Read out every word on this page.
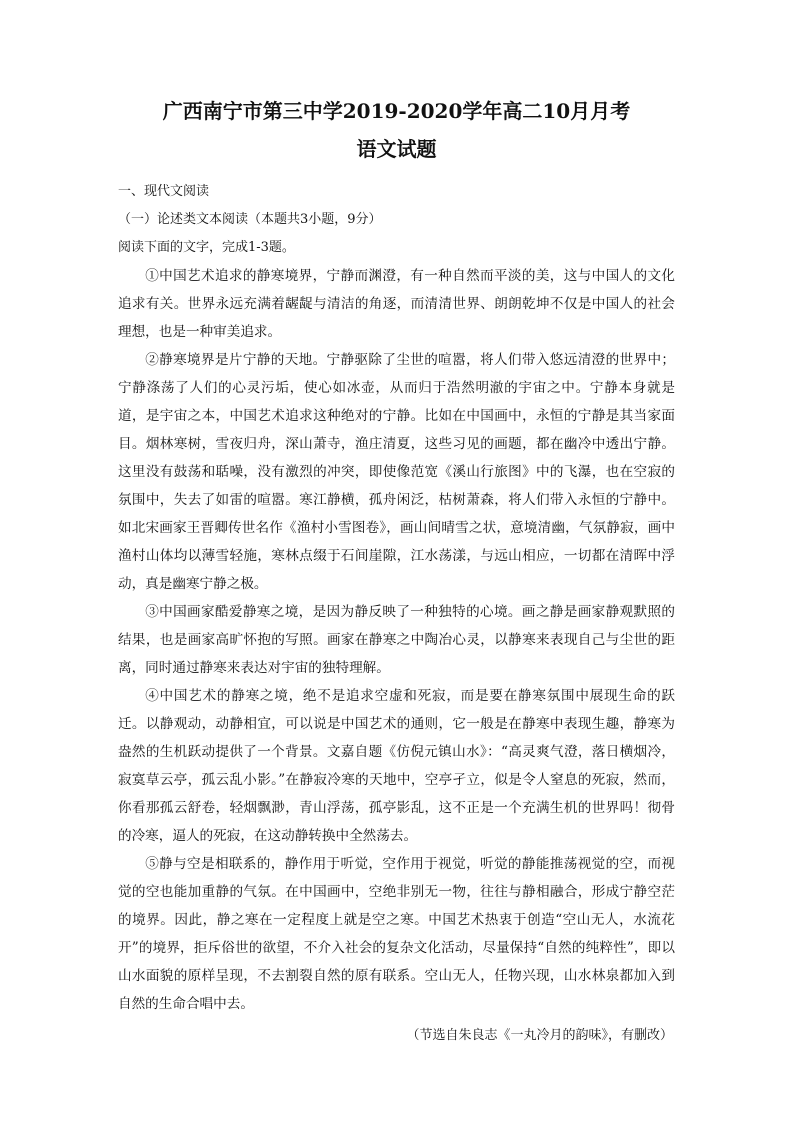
广西南宁市第三中学2019-2020学年高二10月月考
语文试题

一、现代文阅读

（一）论述类文本阅读（本题共3小题，9分）

阅读下面的文字，完成1-3题。

①中国艺术追求的静寒境界，宁静而渊澄，有一种自然而平淡的美，这与中国人的文化追求有关。世界永远充满着龌龊与清洁的角逐，而清清世界、朗朗乾坤不仅是中国人的社会理想，也是一种审美追求。

②静寒境界是片宁静的天地。宁静驱除了尘世的喧嚣，将人们带入悠远清澄的世界中；宁静涤荡了人们的心灵污垢，使心如冰壶，从而归于浩然明澈的宇宙之中。宁静本身就是道，是宇宙之本，中国艺术追求这种绝对的宁静。比如在中国画中，永恒的宁静是其当家面目。烟林寒树，雪夜归舟，深山萧寺，渔庄清夏，这些习见的画题，都在幽冷中透出宁静。这里没有鼓荡和聒噪，没有激烈的冲突，即使像范宽《溪山行旅图》中的飞瀑，也在空寂的氛围中，失去了如雷的喧嚣。寒江静横，孤舟闲泛，枯树萧森，将人们带入永恒的宁静中。如北宋画家王晋卿传世名作《渔村小雪图卷》，画山间晴雪之状，意境清幽，气氛静寂，画中渔村山体均以薄雪轻施，寒林点缀于石间崖隙，江水荡漾，与远山相应，一切都在清晖中浮动，真是幽寒宁静之极。

③中国画家酷爱静寒之境，是因为静反映了一种独特的心境。画之静是画家静观默照的结果，也是画家高旷怀抱的写照。画家在静寒之中陶冶心灵，以静寒来表现自己与尘世的距离，同时通过静寒来表达对宇宙的独特理解。

④中国艺术的静寒之境，绝不是追求空虚和死寂，而是要在静寒氛围中展现生命的跃迁。以静观动，动静相宜，可以说是中国艺术的通则，它一般是在静寒中表现生趣，静寒为盎然的生机跃动提供了一个背景。文嘉自题《仿倪元镇山水》：“高灵爽气澄，落日横烟冷，寂寞草云亭，孤云乱小影。”在静寂冷寒的天地中，空亭孑立，似是令人窒息的死寂，然而，你看那孤云舒卷，轻烟飘渺，青山浮荡，孤亭影乱，这不正是一个充满生机的世界吗！彻骨的冷寒，逼人的死寂，在这动静转换中全然荡去。

⑤静与空是相联系的，静作用于听觉，空作用于视觉，听觉的静能推荡视觉的空，而视觉的空也能加重静的气氛。在中国画中，空绝非别无一物，往往与静相融合，形成宁静空茫的境界。因此，静之寒在一定程度上就是空之寒。中国艺术热衷于创造“空山无人，水流花开”的境界，拒斥俗世的欲望，不介入社会的复杂文化活动，尽量保持“自然的纯粹性”，即以山水面貌的原样呈现，不去割裂自然的原有联系。空山无人，任物兴现，山水林泉都加入到自然的生命合唱中去。

（节选自朱良志《一丸冷月的韵味》，有删改）
